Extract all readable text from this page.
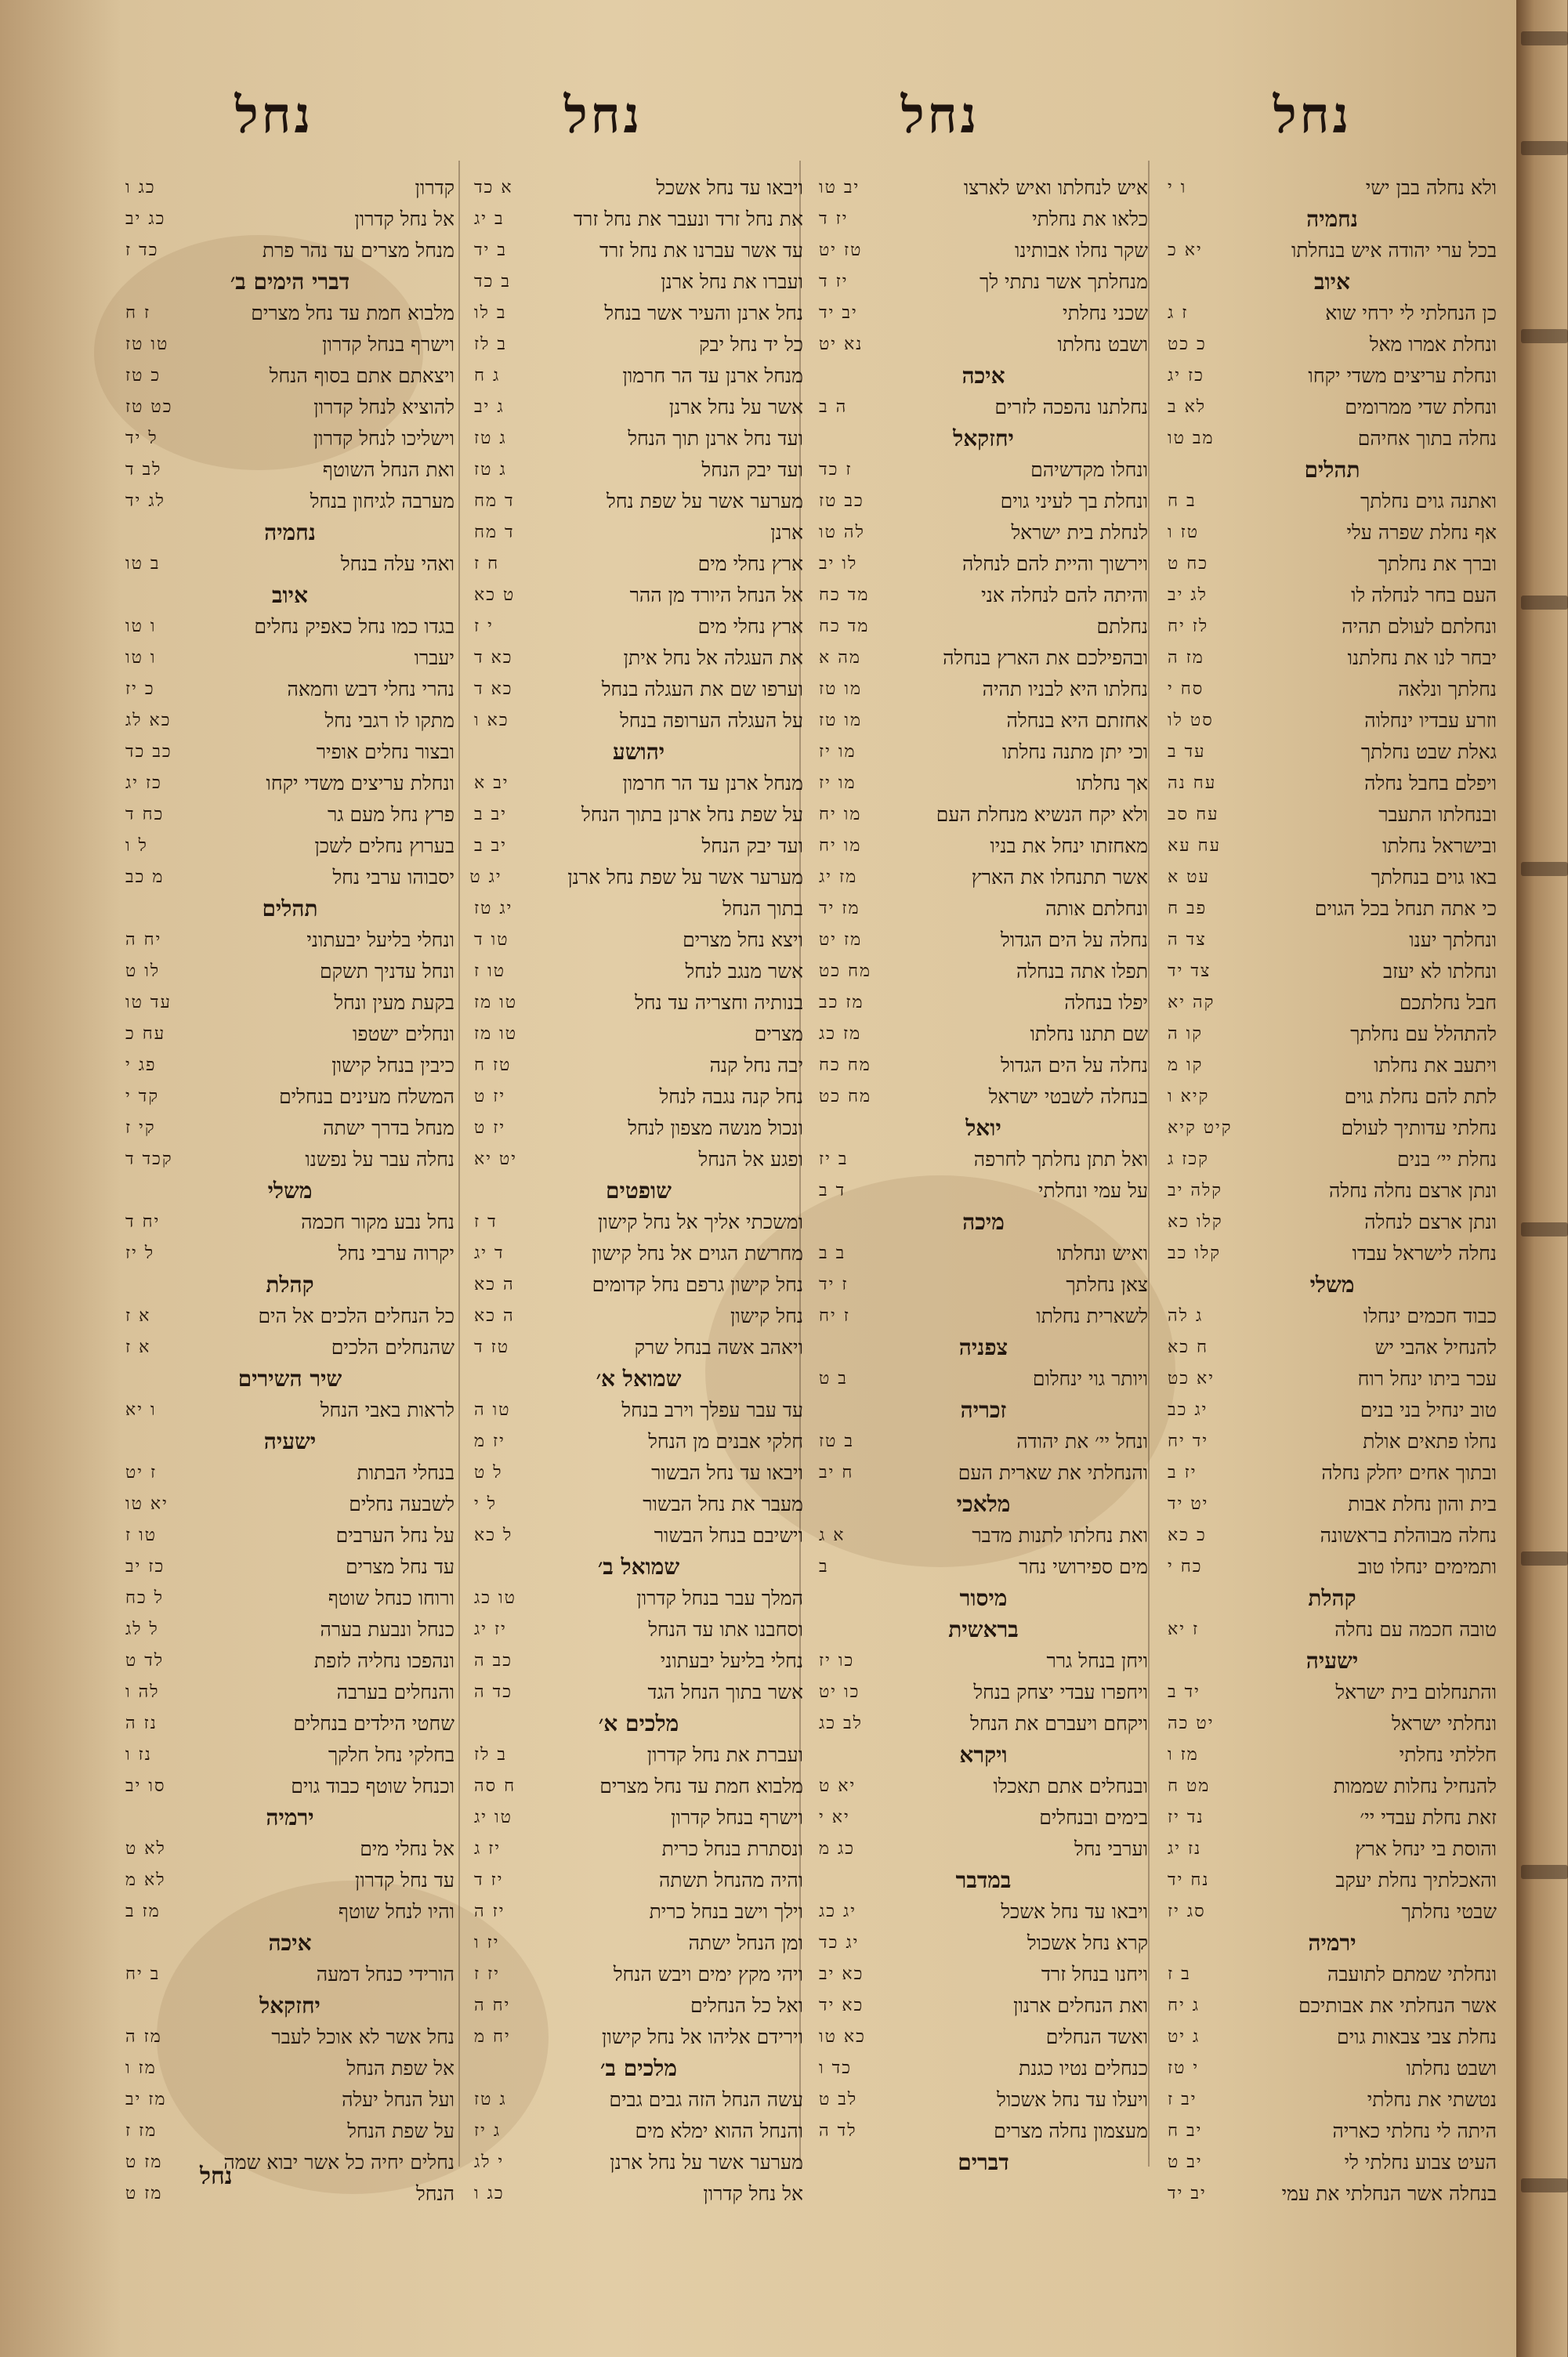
נחל
נחל
נחל
נחל
ולא נחלה בבן ישי
ו י
נחמיה
בכל ערי יהודה איש בנחלתו
יא כ
איוב
כן הנחלתי לי ירחי שוא
ז ג
ונחלת אמרו מאל
כ כט
ונחלת עריצים משדי יקחו
כז יג
ונחלת שדי ממרומים
לא ב
נחלה בתוך אחיהם
מב טו
תהלים
ואתנה גוים נחלתך
ב ח
אף נחלת שפרה עלי
טז ו
וברך את נחלתך
כח ט
העם בחר לנחלה לו
לג יב
ונחלתם לעולם תהיה
לז יח
יבחר לנו את נחלתנו
מז ה
נחלתך ונלאה
סח י
וזרע עבדיו ינחלוה
סט לו
גאלת שבט נחלתך
עד ב
ויפלם בחבל נחלה
עח נה
ובנחלתו התעבר
עח סב
ובישראל נחלתו
עח עא
באו גוים בנחלתך
עט א
כי אתה תנחל בכל הגוים
פב ח
ונחלתך יענו
צד ה
ונחלתו לא יעזב
צד יד
חבל נחלתכם
קה יא
להתהלל עם נחלתך
קו ה
ויתעב את נחלתו
קו מ
לתת להם נחלת גוים
קיא ו
נחלתי עדותיך לעולם
קיט קיא
נחלת יי׳ בנים
קכז ג
ונתן ארצם נחלה נחלה
קלה יב
ונתן ארצם לנחלה
קלו כא
נחלה לישראל עבדו
קלו כב
משלי
כבוד חכמים ינחלו
ג לה
להנחיל אהבי יש
ח כא
עכר ביתו ינחל רוח
יא כט
טוב ינחיל בני בנים
יג כב
נחלו פתאים אולת
יד יח
ובתוך אחים יחלק נחלה
יז ב
בית והון נחלת אבות
יט יד
נחלה מבוהלת בראשונה
כ כא
ותמימים ינחלו טוב
כח י
קהלת
טובה חכמה עם נחלה
ז יא
ישעיה
והתנחלום בית ישראל
יד ב
ונחלתי ישראל
יט כה
חללתי נחלתי
מז ו
להנחיל נחלות שממות
מט ח
זאת נחלת עבדי יי׳
נד יז
והוסת בי ינחל ארץ
נז יג
והאכלתיך נחלת יעקב
נח יד
שבטי נחלתך
סג יז
ירמיה
ונחלתי שמתם לתועבה
ב ז
אשר הנחלתי את אבותיכם
ג יח
נחלת צבי צבאות גוים
ג יט
ושבט נחלתו
י טז
נטשתי את נחלתי
יב ז
היתה לי נחלתי כאריה
יב ח
העיט צבוע נחלתי לי
יב ט
בנחלה אשר הנחלתי את עמי
יב יד
איש לנחלתו ואיש לארצו
יב טו
כלאו את נחלתי
יז ד
שקר נחלו אבותינו
טז יט
מנחלתך אשר נתתי לך
יז ד
שכני נחלתי
יב יד
ושבט נחלתו
נא יט
איכה
נחלתנו נהפכה לזרים
ה ב
יחזקאל
ונחלו מקדשיהם
ז כד
ונחלת בך לעיני גוים
כב טז
לנחלת בית ישראל
לה טו
וירשוך והיית להם לנחלה
לו יב
והיתה להם לנחלה אני
מד כח
נחלתם
מד כח
ובהפילכם את הארץ בנחלה
מה א
נחלתו היא לבניו תהיה
מו טז
אחזתם היא בנחלה
מו טז
וכי יתן מתנה נחלתו
מו יז
אך נחלתו
מו יז
ולא יקח הנשיא מנחלת העם
מו יח
מאחזתו ינחל את בניו
מו יח
אשר תתנחלו את הארץ
מז יג
ונחלתם אותה
מז יד
נחלה על הים הגדול
מז יט
תפלו אתה בנחלה
מח כט
יפלו בנחלה
מז כב
שם תתנו נחלתו
מז כג
נחלה על הים הגדול
מח כח
בנחלה לשבטי ישראל
מח כט
יואל
ואל תתן נחלתך לחרפה
ב יז
על עמי ונחלתי
ד ב
מיכה
ואיש ונחלתו
ב ב
צאן נחלתך
ז יד
לשארית נחלתו
ז יח
צפניה
ויותר גוי ינחלום
ב ט
זכריה
ונחל יי׳ את יהודה
ב טז
והנחלתי את שארית העם
ח יב
מלאכי
ואת נחלתו לתנות מדבר
א ג
מים ספירושי נחר
ב
מיסור
בראשית
ויחן בנחל גרר
כו יז
ויחפרו עבדי יצחק בנחל
כו יט
ויקחם ויעברם את הנחל
לב כג
ויקרא
ובנחלים אתם תאכלו
יא ט
בימים ובנחלים
יא י
וערבי נחל
כג מ
במדבר
ויבאו עד נחל אשכל
יג כג
קרא נחל אשכול
יג כד
ויחנו בנחל זרד
כא יב
ואת הנחלים ארנון
כא יד
ואשד הנחלים
כא טו
כנחלים נטיו כגנת
כד ו
ויעלו עד נחל אשכול
לב ט
מעצמון נחלה מצרים
לד ה
דברים
ויבאו עד נחל אשכל
א כד
את נחל זרד ונעבר את נחל זרד
ב יג
עד אשר עברנו את נחל זרד
ב יד
ועברו את נחל ארנן
ב כד
נחל ארנן והעיר אשר בנחל
ב לו
כל יד נחל יבק
ב לז
מנחל ארנן עד הר חרמון
ג ח
אשר על נחל ארנן
ג יב
ועד נחל ארנן תוך הנחל
ג טז
ועד יבק הנחל
ג טז
מערער אשר על שפת נחל
ד מח
ארנן
ד מח
ארץ נחלי מים
ח ז
אל הנחל היורד מן ההר
ט כא
ארץ נחלי מים
י ז
את העגלה אל נחל איתן
כא ד
וערפו שם את העגלה בנחל
כא ד
על העגלה הערופה בנחל
כא ו
יהושע
מנחל ארנן עד הר חרמון
יב א
על שפת נחל ארנן בתוך הנחל
יב ב
ועד יבק הנחל
יב ב
מערער אשר על שפת נחל ארנן
יג ט
בתוך הנחל
יג טז
ויצא נחל מצרים
טו ד
אשר מנגב לנחל
טו ז
בנותיה וחצריה עד נחל
טו מז
מצרים
טו מז
יבה נחל קנה
טז ח
נחל קנה נגבה לנחל
יז ט
ונכול מנשה מצפון לנחל
יז ט
ופגע אל הנחל
יט יא
שופטים
ומשכתי אליך אל נחל קישון
ד ז
מחרשת הגוים אל נחל קישון
ד יג
נחל קישון גרפם נחל קדומים
ה כא
נחל קישון
ה כא
ויאהב אשה בנחל שרק
טז ד
שמואל א׳
עד עבר עפלך וירב בנחל
טו ה
חלקי אבנים מן הנחל
יז מ
ויבאו עד נחל הבשור
ל ט
מעבר את נחל הבשור
ל י
וישיבם בנחל הבשור
ל כא
שמואל ב׳
המלך עבר בנחל קדרון
טו כג
וסחבנו אתו עד הנחל
יז יג
נחלי בליעל יבעתוני
כב ה
אשר בתוך הנחל הגד
כד ה
מלכים א׳
ועברת את נחל קדרון
ב לז
מלבוא חמת עד נחל מצרים
ח סה
וישרף בנחל קדרון
טו יג
ונסתרת בנחל כרית
יז ג
והיה מהנחל תשתה
יז ד
וילך וישב בנחל כרית
יז ה
ומן הנחל ישתה
יז ו
ויהי מקץ ימים ויבש הנחל
יז ז
ואל כל הנחלים
יח ה
וירידם אליהו אל נחל קישון
יח מ
מלכים ב׳
עשה הנחל הזה גבים גבים
ג טז
והנחל ההוא ימלא מים
ג יז
מערער אשר על נחל ארנן
י לג
אל נחל קדרון
כג ו
קדרון
כג ו
אל נחל קדרון
כג יב
מנחל מצרים עד נהר פרת
כד ז
דברי הימים ב׳
מלבוא חמת עד נחל מצרים
ז ח
וישרף בנחל קדרון
טו טז
ויצאתם אתם בסוף הנחל
כ טז
להוציא לנחל קדרון
כט טז
וישליכו לנחל קדרון
ל יד
ואת הנחל השוטף
לב ד
מערבה לגיחון בנחל
לג יד
נחמיה
ואהי עלה בנחל
ב טו
איוב
בגדו כמו נחל כאפיק נחלים
ו טו
יעברו
ו טו
נהרי נחלי דבש וחמאה
כ יז
מתקו לו רגבי נחל
כא לג
ובצור נחלים אופיר
כב כד
ונחלת עריצים משדי יקחו
כז יג
פרץ נחל מעם גר
כח ד
בערוץ נחלים לשכן
ל ו
יסבוהו ערבי נחל
מ כב
תהלים
ונחלי בליעל יבעתוני
יח ה
ונחל עדניך תשקם
לו ט
בקעת מעין ונחל
עד טו
ונחלים ישטפו
עח כ
כיבין בנחל קישון
פג י
המשלח מעינים בנחלים
קד י
מנחל בדרך ישתה
קי ז
נחלה עבר על נפשנו
קכד ד
משלי
נחל נבע מקור חכמה
יח ד
יקרוה ערבי נחל
ל יז
קהלת
כל הנחלים הלכים אל הים
א ז
שהנחלים הלכים
א ז
שיר השירים
לראות באבי הנחל
ו יא
ישעיה
בנחלי הבתות
ז יט
לשבעה נחלים
יא טו
על נחל הערבים
טו ז
עד נחל מצרים
כז יב
ורוחו כנחל שוטף
ל כח
כנחל ונבעת בערה
ל לג
ונהפכו נחליה לזפת
לד ט
והנחלים בערבה
לה ו
שחטי הילדים בנחלים
נז ה
בחלקי נחל חלקך
נז ו
וכנחל שוטף כבוד גוים
סו יב
ירמיה
אל נחלי מים
לא ט
עד נחל קדרון
לא מ
והיו לנחל שוטף
מז ב
איכה
הורידי כנחל דמעה
ב יח
יחזקאל
נחל אשר לא אוכל לעבר
מז ה
אל שפת הנחל
מז ו
ועל הנחל יעלה
מז יב
על שפת הנחל
מז ז
נחלים יחיה כל אשר יבוא שמה
מז ט
הנחל
מז ט
נחל
